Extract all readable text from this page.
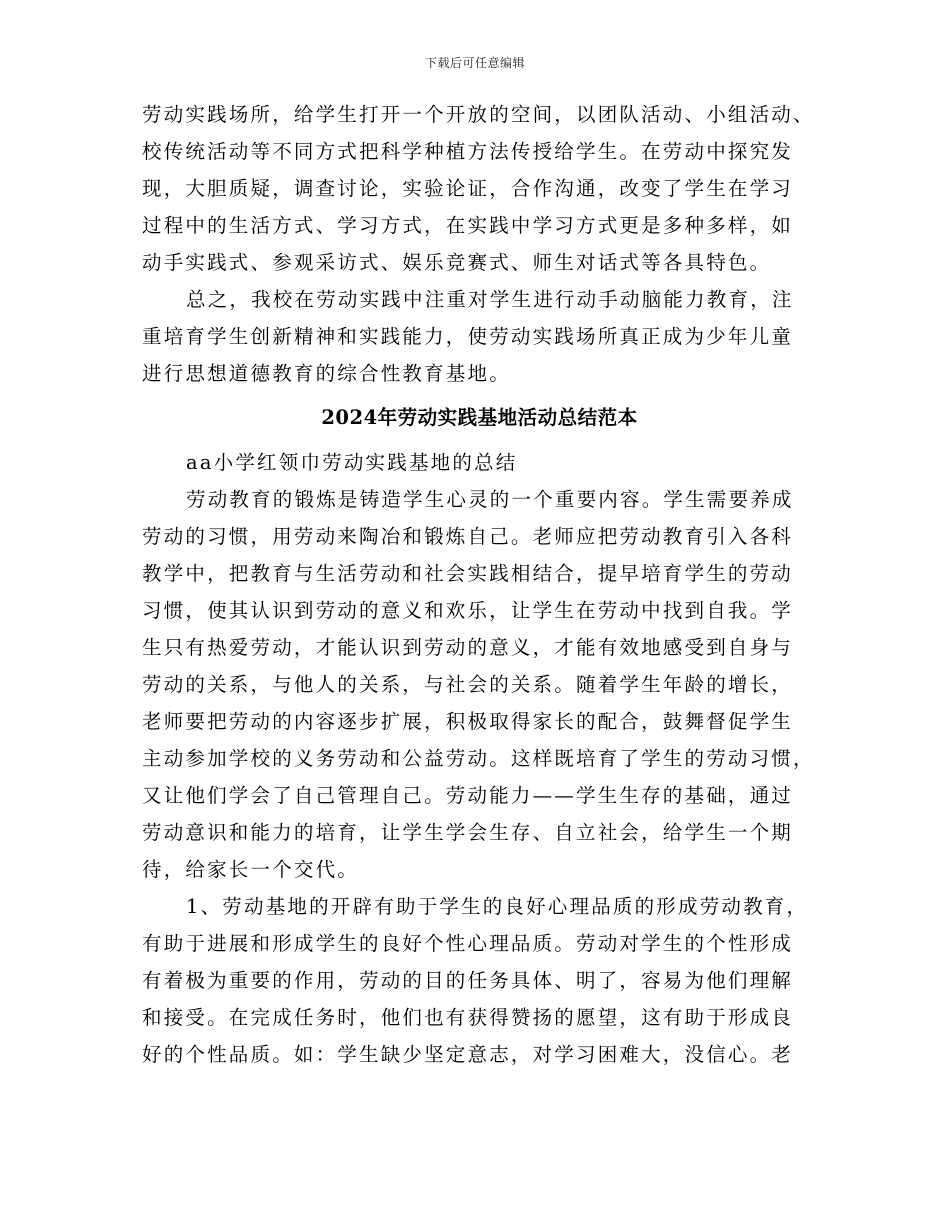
下载后可任意编辑
劳动实践场所，给学生打开一个开放的空间，以团队活动、小组活动、
校传统活动等不同方式把科学种植方法传授给学生。在劳动中探究发
现，大胆质疑，调查讨论，实验论证，合作沟通，改变了学生在学习
过程中的生活方式、学习方式，在实践中学习方式更是多种多样，如
动手实践式、参观采访式、娱乐竞赛式、师生对话式等各具特色。
总之，我校在劳动实践中注重对学生进行动手动脑能力教育，注
重培育学生创新精神和实践能力，使劳动实践场所真正成为少年儿童
进行思想道德教育的综合性教育基地。
2024年劳动实践基地活动总结范本
aa小学红领巾劳动实践基地的总结
劳动教育的锻炼是铸造学生心灵的一个重要内容。学生需要养成
劳动的习惯，用劳动来陶冶和锻炼自己。老师应把劳动教育引入各科
教学中，把教育与生活劳动和社会实践相结合，提早培育学生的劳动
习惯，使其认识到劳动的意义和欢乐，让学生在劳动中找到自我。学
生只有热爱劳动，才能认识到劳动的意义，才能有效地感受到自身与
劳动的关系，与他人的关系，与社会的关系。随着学生年龄的增长，
老师要把劳动的内容逐步扩展，积极取得家长的配合，鼓舞督促学生
主动参加学校的义务劳动和公益劳动。这样既培育了学生的劳动习惯，
又让他们学会了自己管理自己。劳动能力——学生生存的基础，通过
劳动意识和能力的培育，让学生学会生存、自立社会，给学生一个期
待，给家长一个交代。
1、劳动基地的开辟有助于学生的良好心理品质的形成劳动教育，
有助于进展和形成学生的良好个性心理品质。劳动对学生的个性形成
有着极为重要的作用，劳动的目的任务具体、明了，容易为他们理解
和接受。在完成任务时，他们也有获得赞扬的愿望，这有助于形成良
好的个性品质。如：学生缺少坚定意志，对学习困难大，没信心。老
